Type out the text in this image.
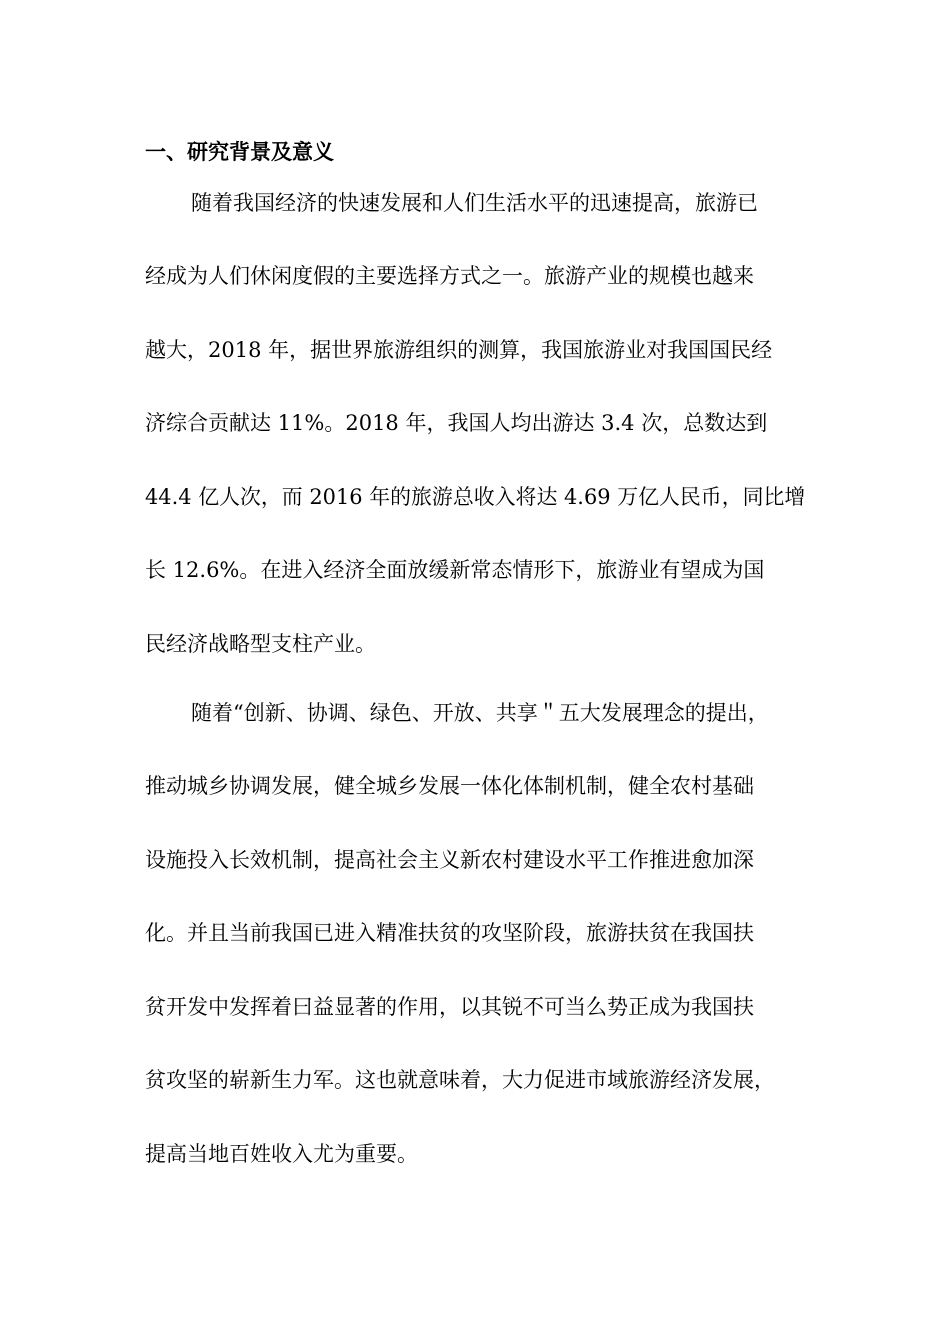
一、研究背景及意义
随着我国经济的快速发展和人们生活水平的迅速提高，旅游已
经成为人们休闲度假的主要选择方式之一。旅游产业的规模也越来
越大，2018 年，据世界旅游组织的测算，我国旅游业对我国国民经
济综合贡献达 11%。2018 年，我国人均出游达 3.4 次，总数达到
44.4 亿人次，而 2016 年的旅游总收入将达 4.69 万亿人民币，同比增
长 12.6%。在进入经济全面放缓新常态情形下，旅游业有望成为国
民经济战略型支柱产业。
随着“创新、协调、绿色、开放、共享＂五大发展理念的提出，
推动城乡协调发展，健全城乡发展一体化体制机制，健全农村基础
设施投入长效机制，提高社会主义新农村建设水平工作推进愈加深
化。并且当前我国已进入精准扶贫的攻坚阶段，旅游扶贫在我国扶
贫开发中发挥着曰益显著的作用，以其锐不可当么势正成为我国扶
贫攻坚的崭新生力军。这也就意味着，大力促进市域旅游经济发展，
提高当地百姓收入尤为重要。
